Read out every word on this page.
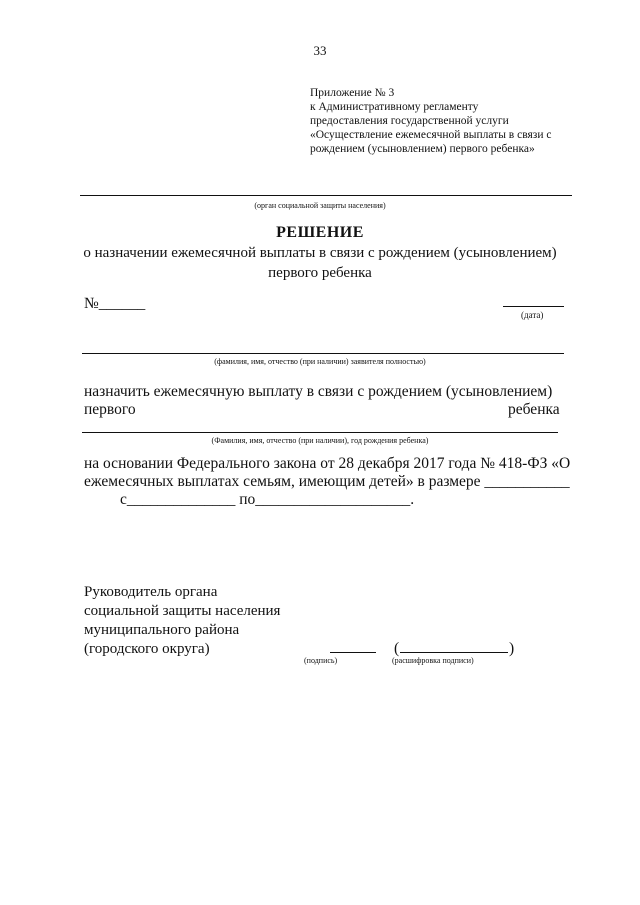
33
Приложение № 3
к Административному регламенту
предоставления государственной услуги
«Осуществление ежемесячной выплаты в связи с
рождением (усыновлением) первого ребенка»
(орган социальной защиты населения)
РЕШЕНИЕ
о назначении ежемесячной выплаты в связи с рождением (усыновлением)
первого ребенка
№______
(дата)
(фамилия, имя, отчество (при наличии) заявителя полностью)
назначить ежемесячную выплату в связи с рождением (усыновлением)
первого	ребенка
(Фамилия, имя, отчество (при наличии), год рождения ребенка)
на основании Федерального закона от 28 декабря 2017 года № 418-ФЗ «О
ежемесячных выплатах семьям, имеющим детей» в размере ___________
с______________ по____________________.
Руководитель органа
социальной защиты населения
муниципального района
(городского округа)
(подпись)
(	)
(расшифровка подписи)
